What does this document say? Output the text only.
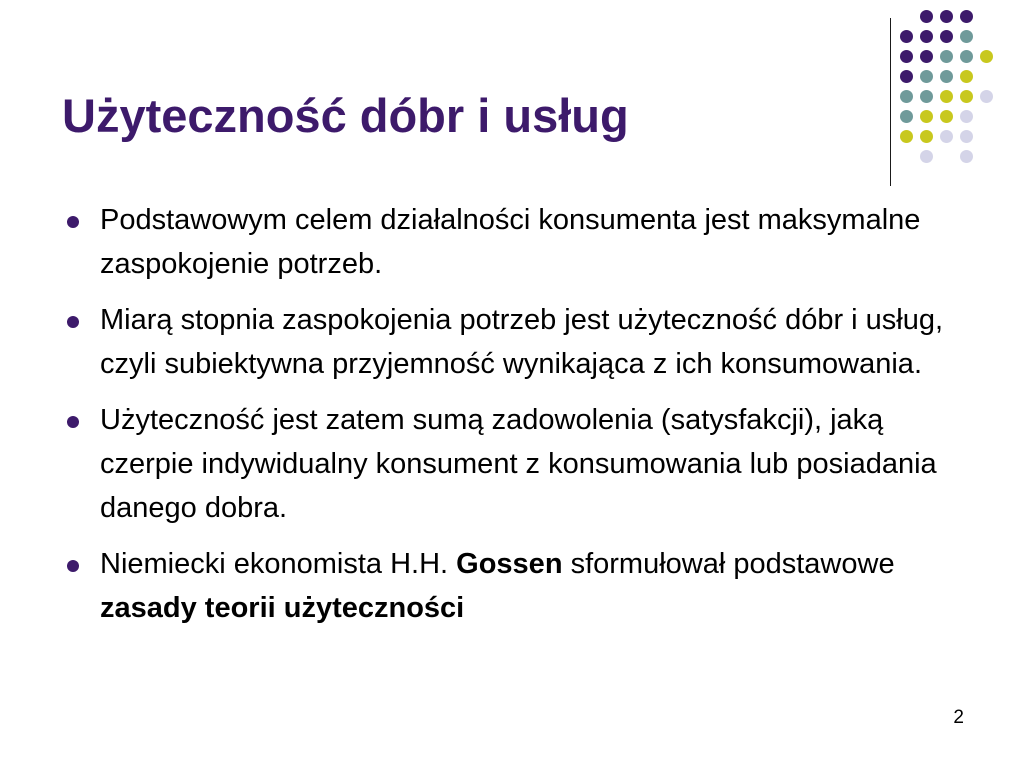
Użyteczność dóbr i usług
Podstawowym celem działalności konsumenta jest maksymalne zaspokojenie potrzeb.
Miarą stopnia zaspokojenia potrzeb jest użyteczność dóbr i usług, czyli subiektywna przyjemność wynikająca z ich konsumowania.
Użyteczność jest zatem sumą zadowolenia (satysfakcji), jaką czerpie indywidualny konsument z konsumowania lub posiadania danego dobra.
Niemiecki ekonomista H.H. Gossen sformułował podstawowe zasady teorii użyteczności
2
